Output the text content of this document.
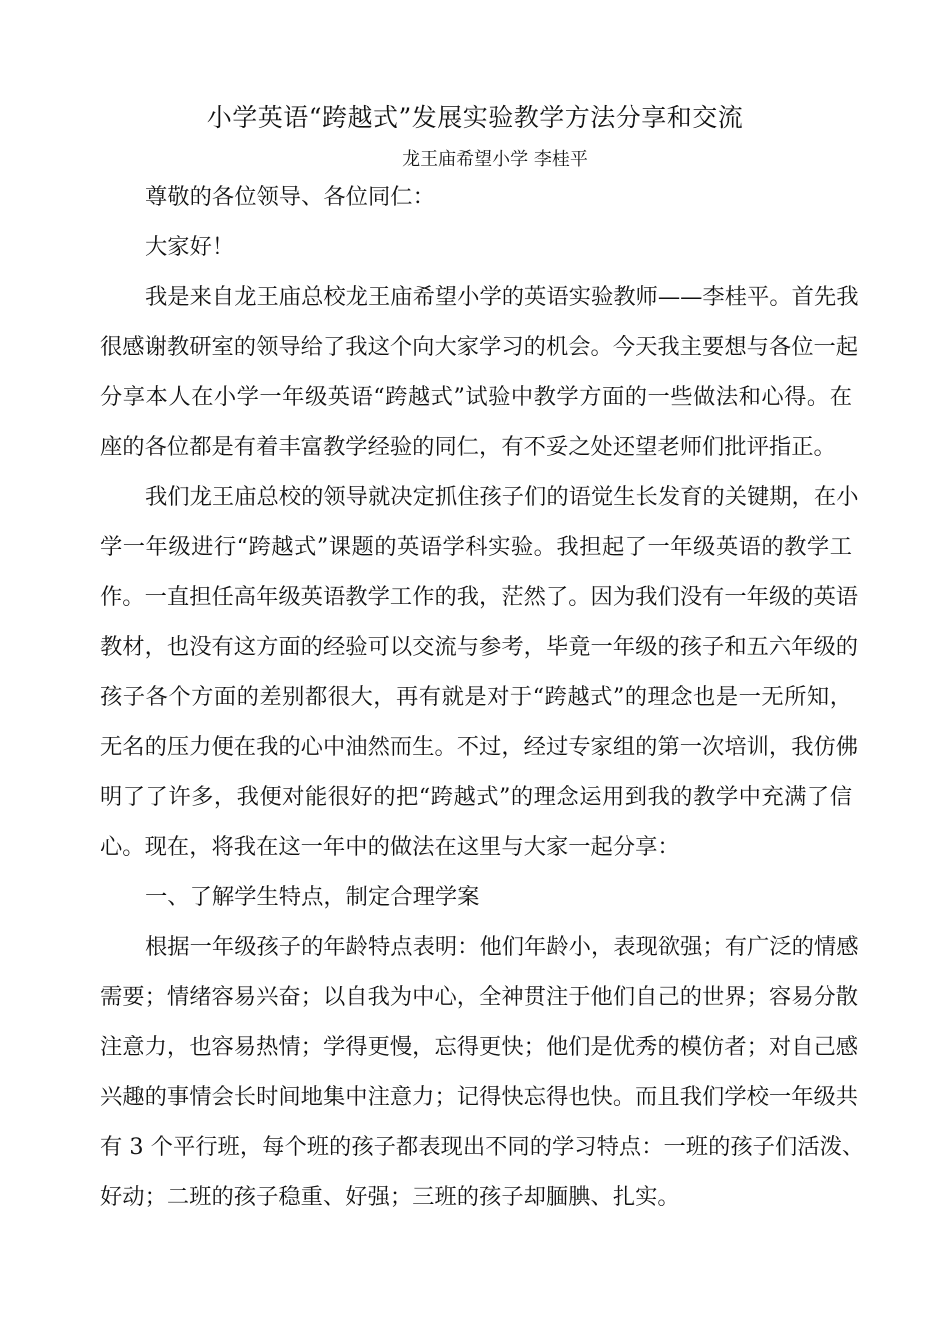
小学英语“跨越式”发展实验教学方法分享和交流
龙王庙希望小学 李桂平

尊敬的各位领导、各位同仁：

大家好！

我是来自龙王庙总校龙王庙希望小学的英语实验教师——李桂平。首先我
很感谢教研室的领导给了我这个向大家学习的机会。今天我主要想与各位一起
分享本人在小学一年级英语“跨越式”试验中教学方面的一些做法和心得。在
座的各位都是有着丰富教学经验的同仁，有不妥之处还望老师们批评指正。
我们龙王庙总校的领导就决定抓住孩子们的语觉生长发育的关键期，在小
学一年级进行“跨越式”课题的英语学科实验。我担起了一年级英语的教学工
作。一直担任高年级英语教学工作的我，茫然了。因为我们没有一年级的英语
教材，也没有这方面的经验可以交流与参考，毕竟一年级的孩子和五六年级的
孩子各个方面的差别都很大，再有就是对于“跨越式”的理念也是一无所知，
无名的压力便在我的心中油然而生。不过，经过专家组的第一次培训，我仿佛
明了了许多，我便对能很好的把“跨越式”的理念运用到我的教学中充满了信
心。现在，将我在这一年中的做法在这里与大家一起分享：

一、了解学生特点，制定合理学案

根据一年级孩子的年龄特点表明：他们年龄小，表现欲强；有广泛的情感
需要；情绪容易兴奋；以自我为中心，全神贯注于他们自己的世界；容易分散
注意力，也容易热情；学得更慢，忘得更快；他们是优秀的模仿者；对自己感
兴趣的事情会长时间地集中注意力；记得快忘得也快。而且我们学校一年级共
有 3 个平行班，每个班的孩子都表现出不同的学习特点：一班的孩子们活泼、
好动；二班的孩子稳重、好强；三班的孩子却腼腆、扎实。
